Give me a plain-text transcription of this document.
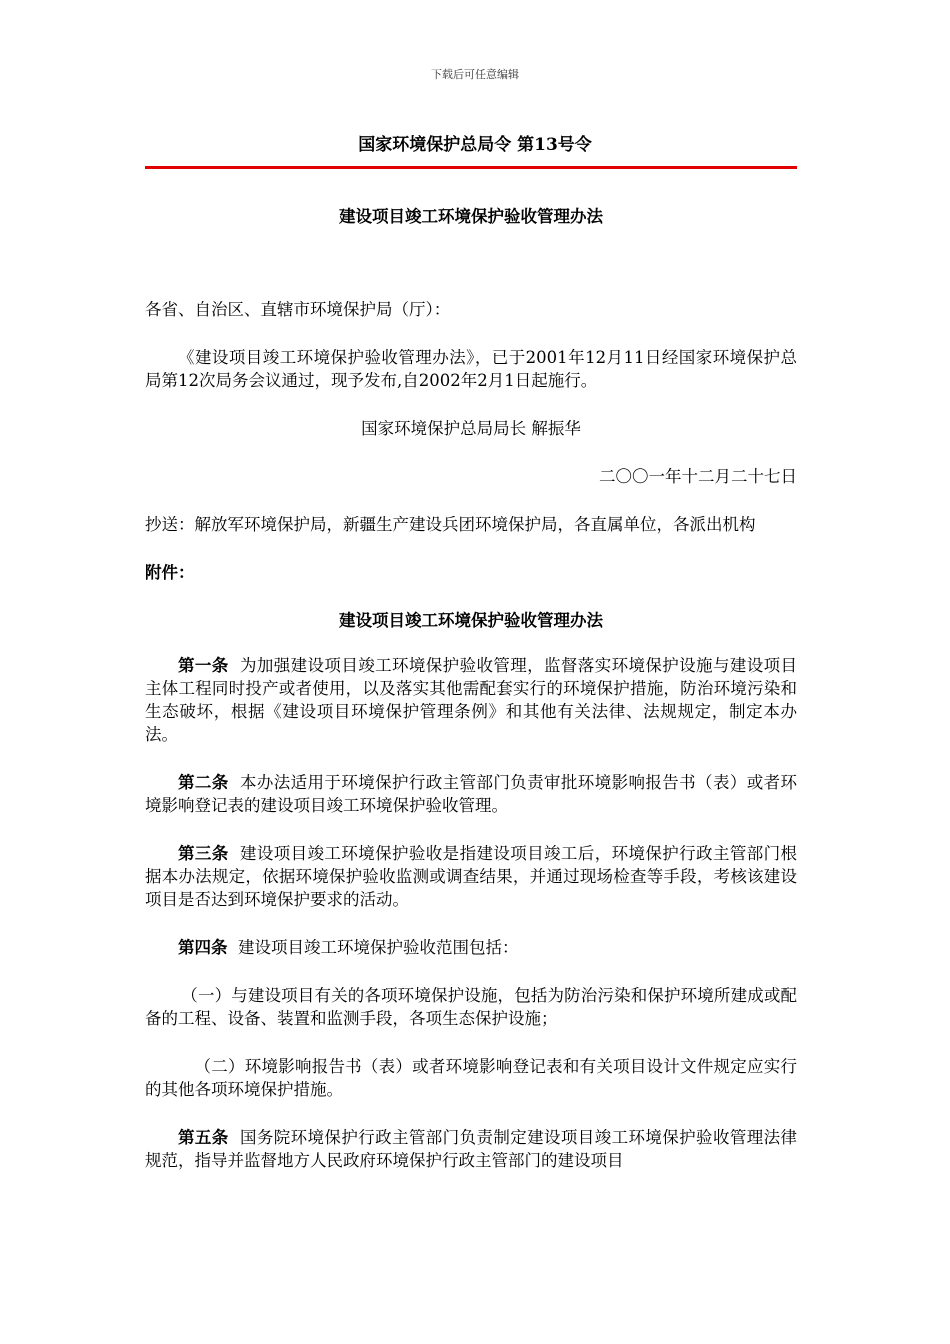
下载后可任意编辑
国家环境保护总局令 第13号令

建设项目竣工环境保护验收管理办法

各省、自治区、直辖市环境保护局（厅）：

《建设项目竣工环境保护验收管理办法》，已于2001年12月11日经国家环境保护总局第12次局务会议通过，现予发布,自2002年2月1日起施行。

国家环境保护总局局长 解振华

二〇〇一年十二月二十七日

抄送：解放军环境保护局，新疆生产建设兵团环境保护局，各直属单位，各派出机构

附件：

建设项目竣工环境保护验收管理办法

第一条 为加强建设项目竣工环境保护验收管理，监督落实环境保护设施与建设项目主体工程同时投产或者使用，以及落实其他需配套实行的环境保护措施，防治环境污染和生态破坏，根据《建设项目环境保护管理条例》和其他有关法律、法规规定，制定本办法。

第二条 本办法适用于环境保护行政主管部门负责审批环境影响报告书（表）或者环境影响登记表的建设项目竣工环境保护验收管理。

第三条 建设项目竣工环境保护验收是指建设项目竣工后，环境保护行政主管部门根据本办法规定，依据环境保护验收监测或调查结果，并通过现场检查等手段，考核该建设项目是否达到环境保护要求的活动。

第四条 建设项目竣工环境保护验收范围包括：

（一）与建设项目有关的各项环境保护设施，包括为防治污染和保护环境所建成或配备的工程、设备、装置和监测手段，各项生态保护设施；

（二）环境影响报告书（表）或者环境影响登记表和有关项目设计文件规定应实行的其他各项环境保护措施。

第五条 国务院环境保护行政主管部门负责制定建设项目竣工环境保护验收管理法律规范，指导并监督地方人民政府环境保护行政主管部门的建设项目
